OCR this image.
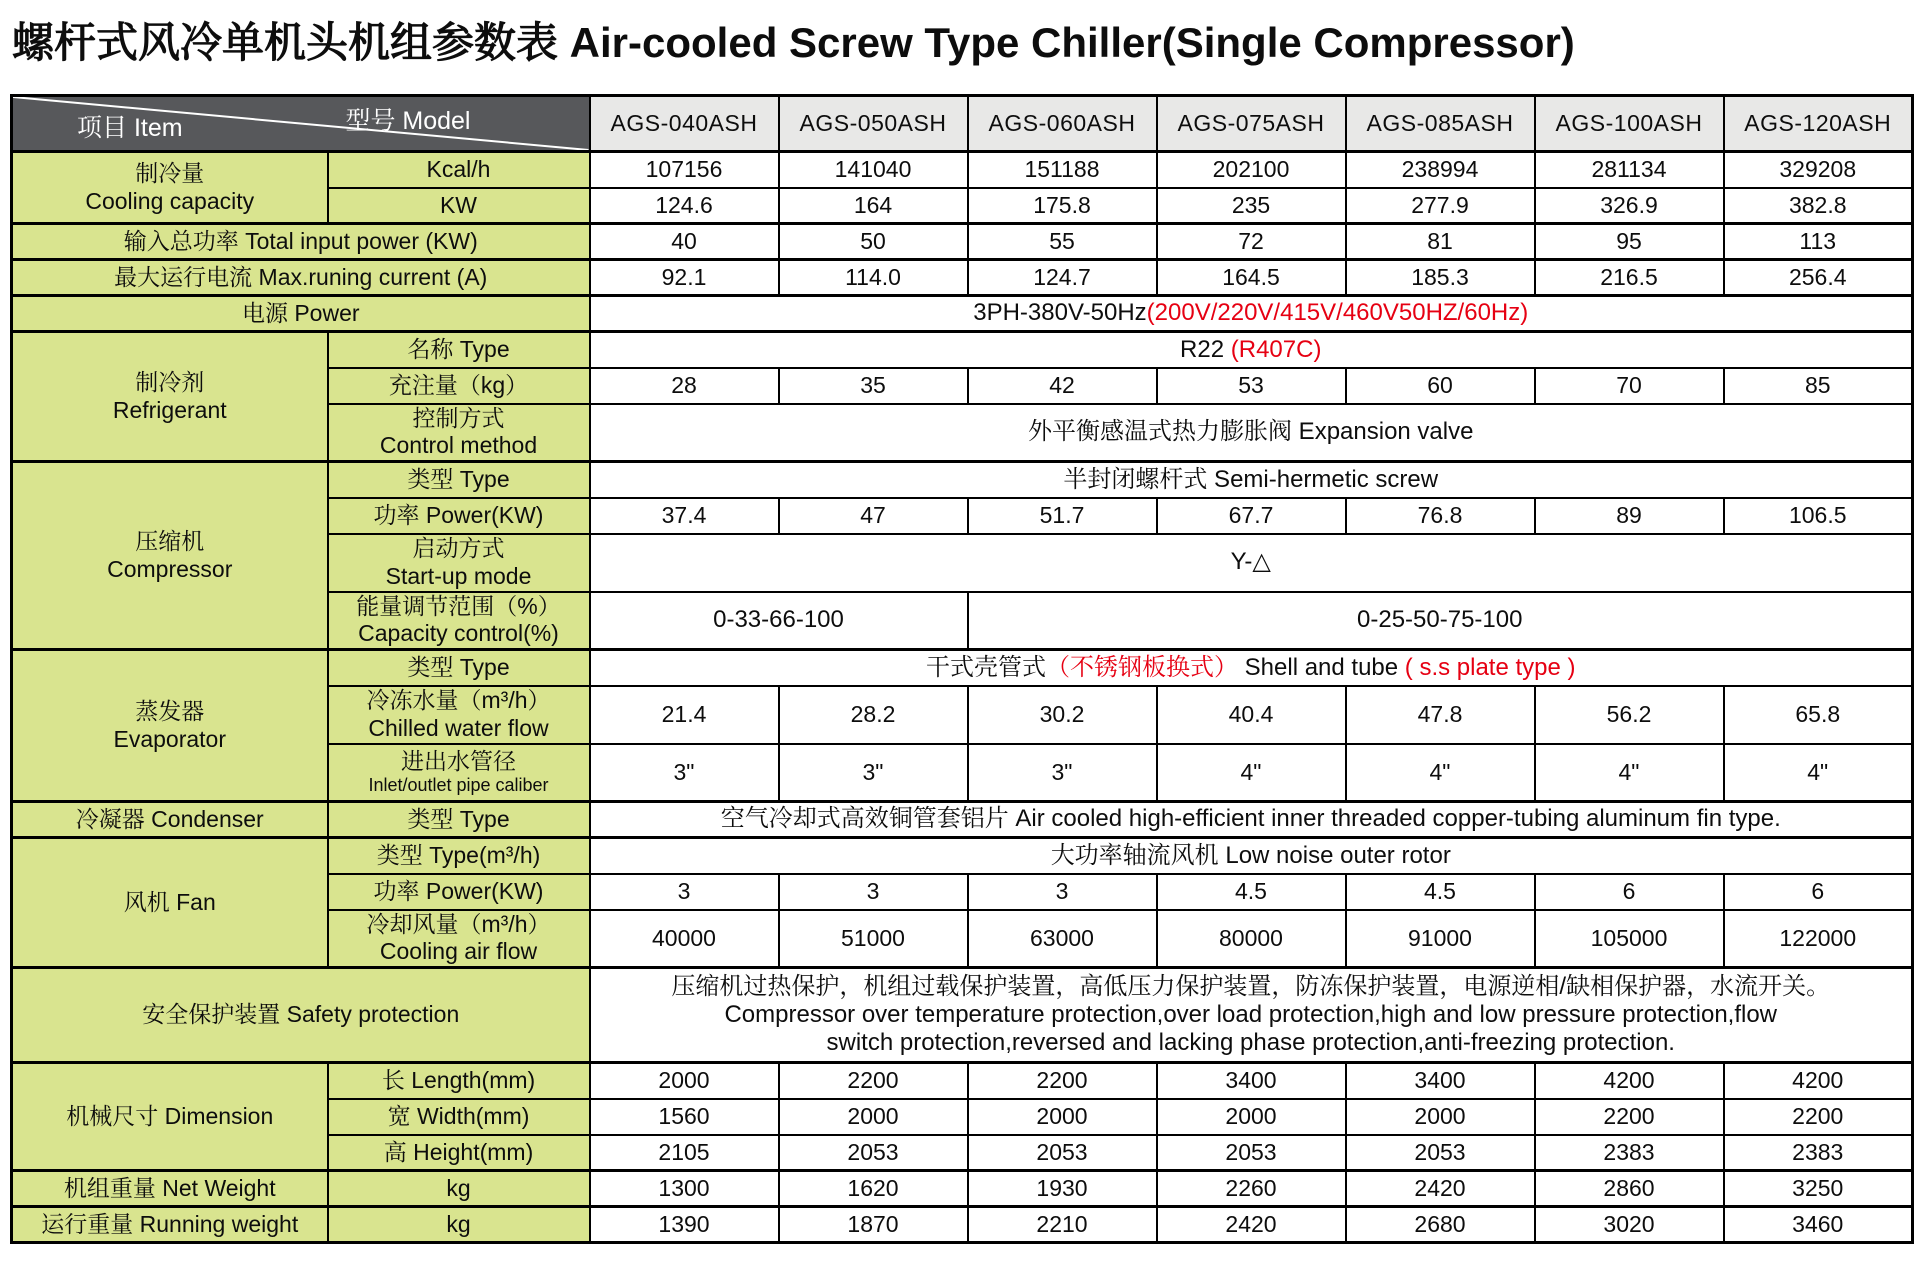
螺杆式风冷单机头机组参数表 Air-cooled Screw Type Chiller(Single Compressor)
型号 Model
项目 Item		AGS-040ASH	AGS-050ASH	AGS-060ASH	AGS-075ASH	AGS-085ASH	AGS-100ASH	AGS-120ASH

制冷量
Cooling capacity	Kcal/h	107156	141040	151188	202100	238994	281134	329208

	KW	124.6	164	175.8	235	277.9	326.9	382.8

输入总功率 Total input power (KW)		40	50	55	72	81	95	113

最大运行电流 Max.runing current (A)		92.1	114.0	124.7	164.5	185.3	216.5	256.4

电源 Power		3PH-380V-50Hz(200V/220V/415V/460V50HZ/60Hz)						

制冷剂
Refrigerant	名称 Type	R22 (R407C)						

	充注量（kg）	28	35	42	53	60	70	85

	控制方式
Control method	外平衡感温式热力膨胀阀 Expansion valve						

压缩机
Compressor	类型 Type	半封闭螺杆式 Semi-hermetic screw						

	功率 Power(KW)	37.4	47	51.7	67.7	76.8	89	106.5

	启动方式
Start-up mode	Y-△						

	能量调节范围（%）
Capacity control(%)	0-33-66-100		0-25-50-75-100				

蒸发器
Evaporator	类型 Type	干式壳管式（不锈钢板换式） Shell and tube ( s.s plate type )						

	冷冻水量（m³/h）
Chilled water flow	21.4	28.2	30.2	40.4	47.8	56.2	65.8

	进出水管径
Inlet/outlet pipe caliber	3"	3"	3"	4"	4"	4"	4"

冷凝器 Condenser	类型 Type	空气冷却式高效铜管套铝片 Air cooled high-efficient inner threaded copper-tubing aluminum fin type.						

风机 Fan	类型 Type(m³/h)	大功率轴流风机 Low noise outer rotor						

	功率 Power(KW)	3	3	3	4.5	4.5	6	6

	冷却风量（m³/h）
Cooling air flow	40000	51000	63000	80000	91000	105000	122000

安全保护装置 Safety protection		压缩机过热保护，机组过载保护装置，高低压力保护装置，防冻保护装置，电源逆相/缺相保护器，水流开关。
Compressor over temperature protection,over load protection,high and low pressure protection,flow
switch protection,reversed and lacking phase protection,anti-freezing protection.						

机械尺寸 Dimension	长 Length(mm)	2000	2200	2200	3400	3400	4200	4200

	宽 Width(mm)	1560	2000	2000	2000	2000	2200	2200

	高 Height(mm)	2105	2053	2053	2053	2053	2383	2383

机组重量 Net Weight	kg	1300	1620	1930	2260	2420	2860	3250

运行重量 Running weight	kg	1390	1870	2210	2420	2680	3020	3460
